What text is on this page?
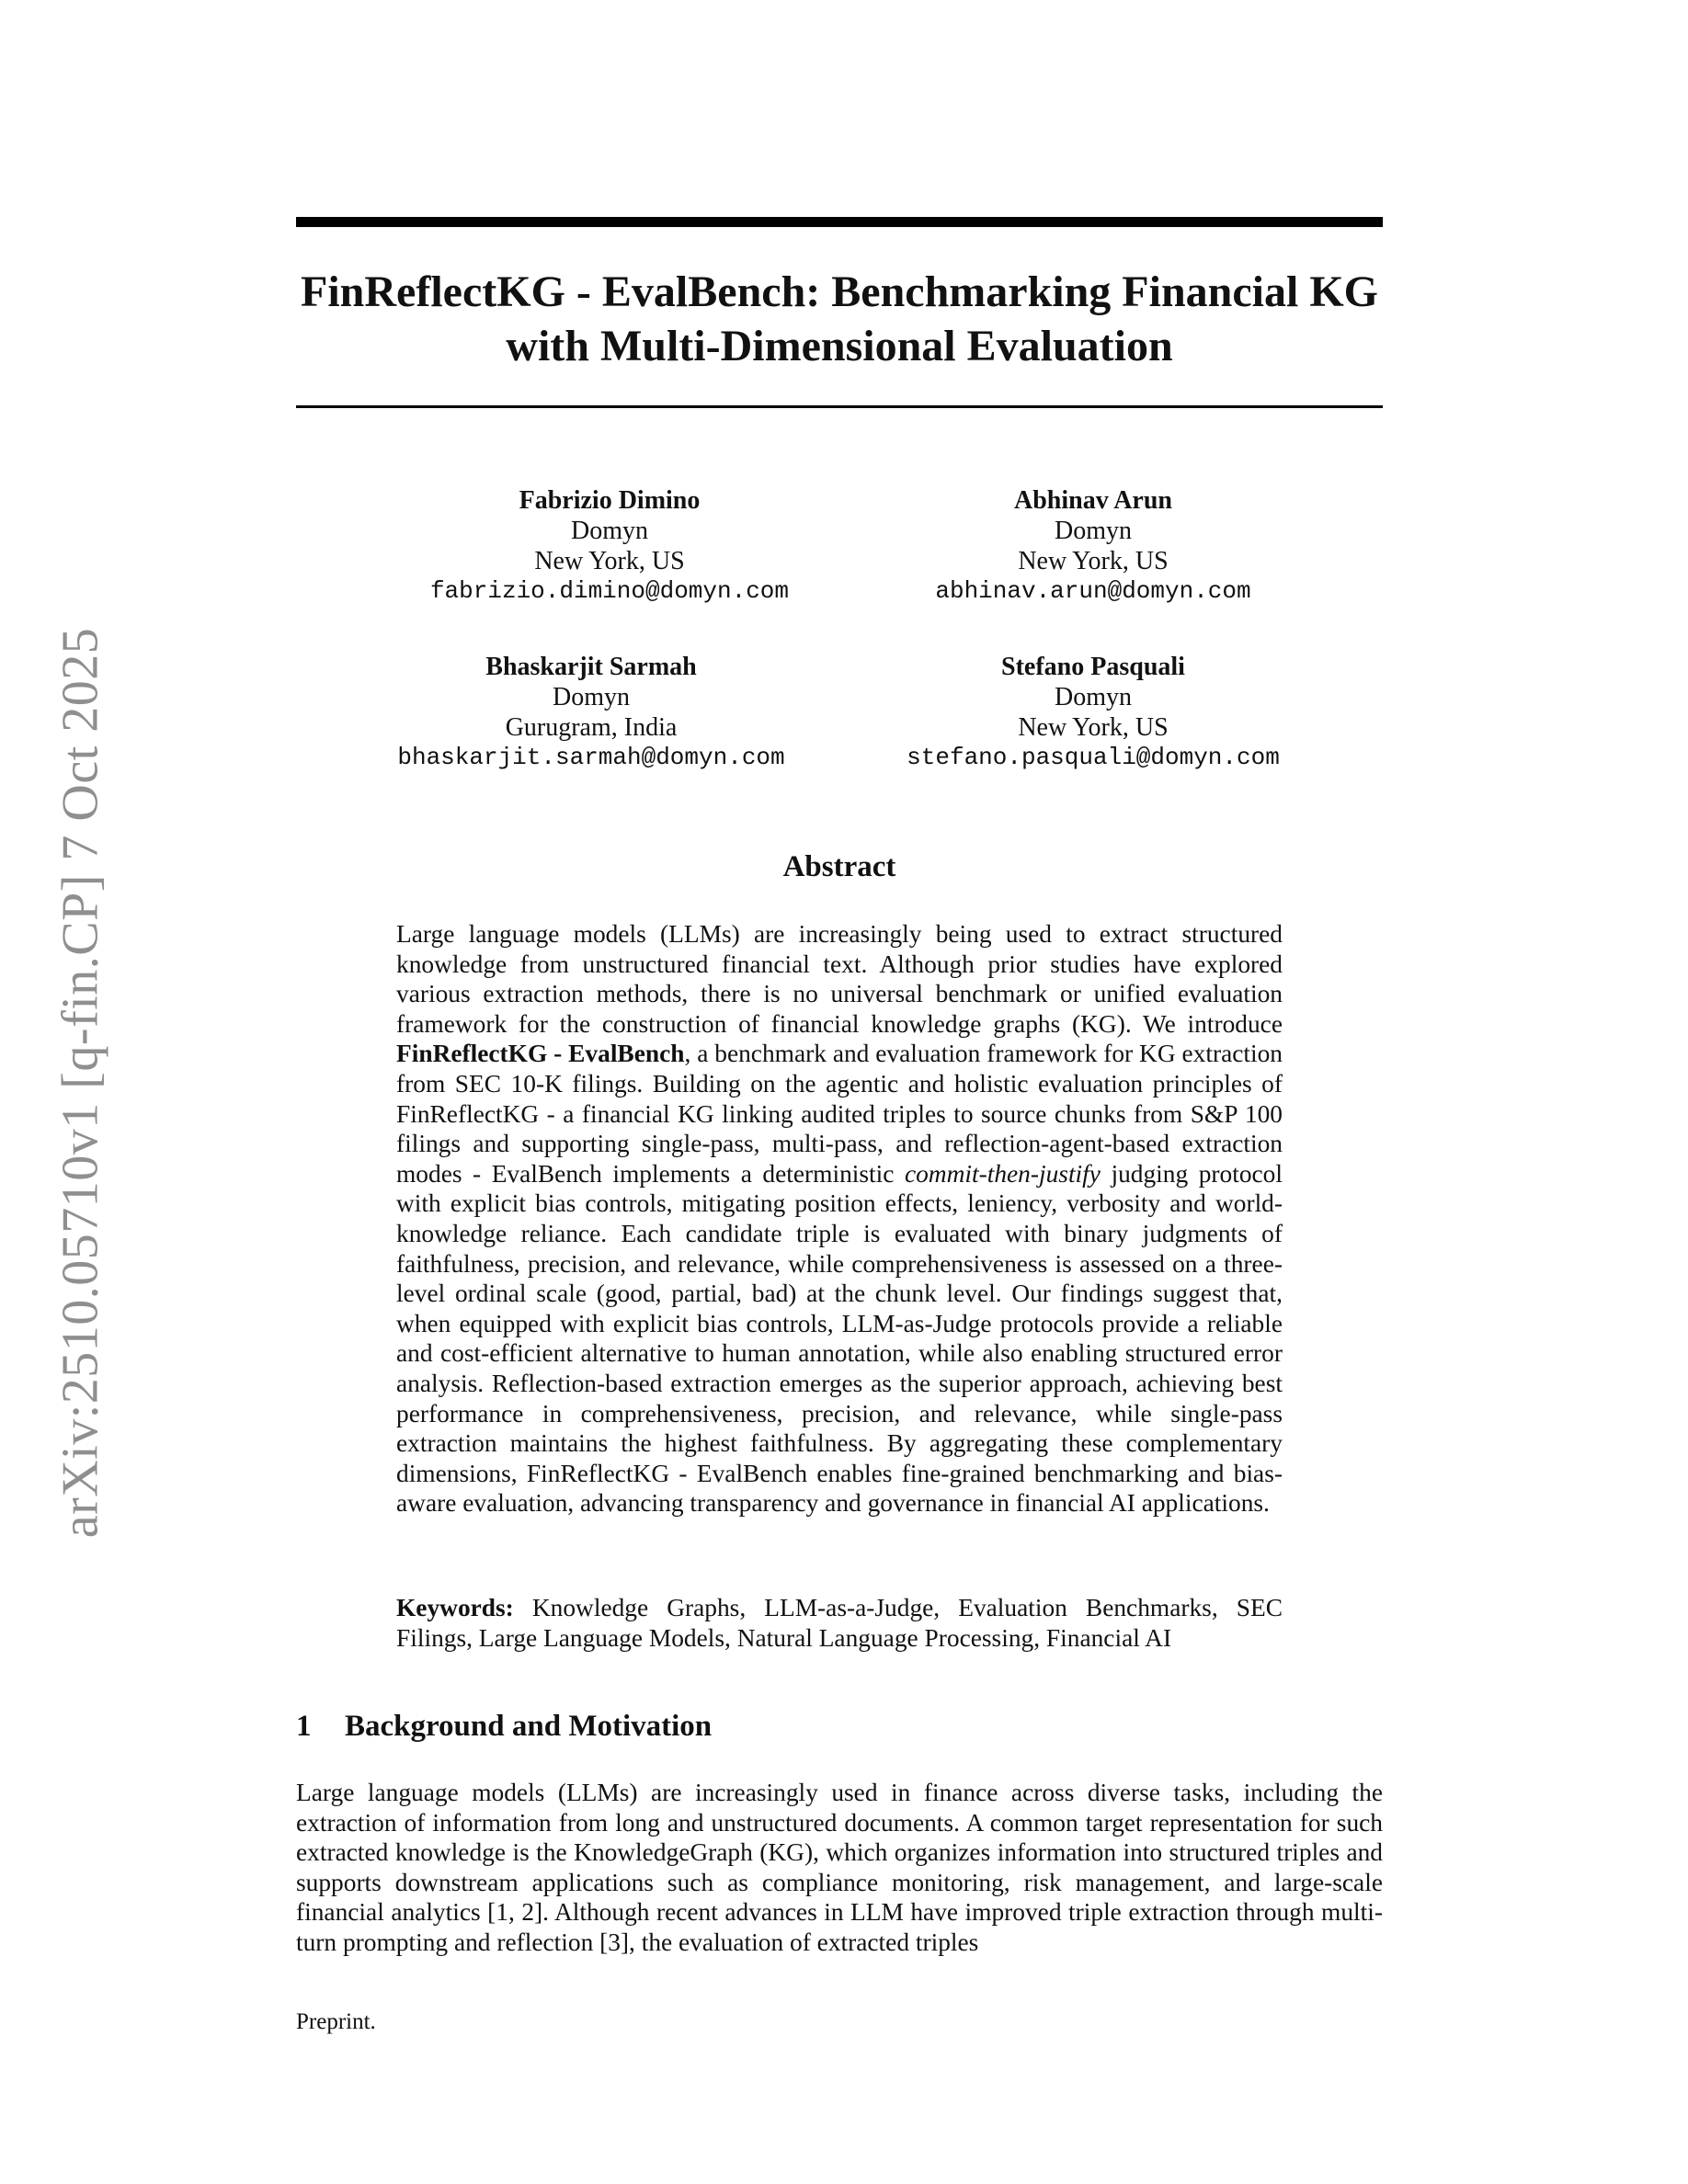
arXiv:2510.05710v1 [q-fin.CP] 7 Oct 2025
FinReflectKG - EvalBench: Benchmarking Financial KG with Multi-Dimensional Evaluation
Fabrizio Dimino
Domyn
New York, US
fabrizio.dimino@domyn.com
Abhinav Arun
Domyn
New York, US
abhinav.arun@domyn.com
Bhaskarjit Sarmah
Domyn
Gurugram, India
bhaskarjit.sarmah@domyn.com
Stefano Pasquali
Domyn
New York, US
stefano.pasquali@domyn.com
Abstract

Large language models (LLMs) are increasingly being used to extract structured knowledge from unstructured financial text. Although prior studies have explored various extraction methods, there is no universal benchmark or unified evaluation framework for the construction of financial knowledge graphs (KG). We introduce FinReflectKG - EvalBench, a benchmark and evaluation framework for KG extraction from SEC 10-K filings. Building on the agentic and holistic evaluation principles of FinReflectKG - a financial KG linking audited triples to source chunks from S&P 100 filings and supporting single-pass, multi-pass, and reflection-agent-based extraction modes - EvalBench implements a deterministic commit-then-justify judging protocol with explicit bias controls, mitigating position effects, leniency, verbosity and world-knowledge reliance. Each candidate triple is evaluated with binary judgments of faithfulness, precision, and relevance, while comprehensiveness is assessed on a three-level ordinal scale (good, partial, bad) at the chunk level. Our findings suggest that, when equipped with explicit bias controls, LLM-as-Judge protocols provide a reliable and cost-efficient alternative to human annotation, while also enabling structured error analysis. Reflection-based extraction emerges as the superior approach, achieving best performance in comprehensiveness, precision, and relevance, while single-pass extraction maintains the highest faithfulness. By aggregating these complementary dimensions, FinReflectKG - EvalBench enables fine-grained benchmarking and bias-aware evaluation, advancing transparency and governance in financial AI applications.

Keywords: Knowledge Graphs, LLM-as-a-Judge, Evaluation Benchmarks, SEC Filings, Large Language Models, Natural Language Processing, Financial AI

1 Background and Motivation

Large language models (LLMs) are increasingly used in finance across diverse tasks, including the extraction of information from long and unstructured documents. A common target representation for such extracted knowledge is the KnowledgeGraph (KG), which organizes information into structured triples and supports downstream applications such as compliance monitoring, risk management, and large-scale financial analytics [1, 2]. Although recent advances in LLM have improved triple extraction through multi-turn prompting and reflection [3], the evaluation of extracted triples

Preprint.
